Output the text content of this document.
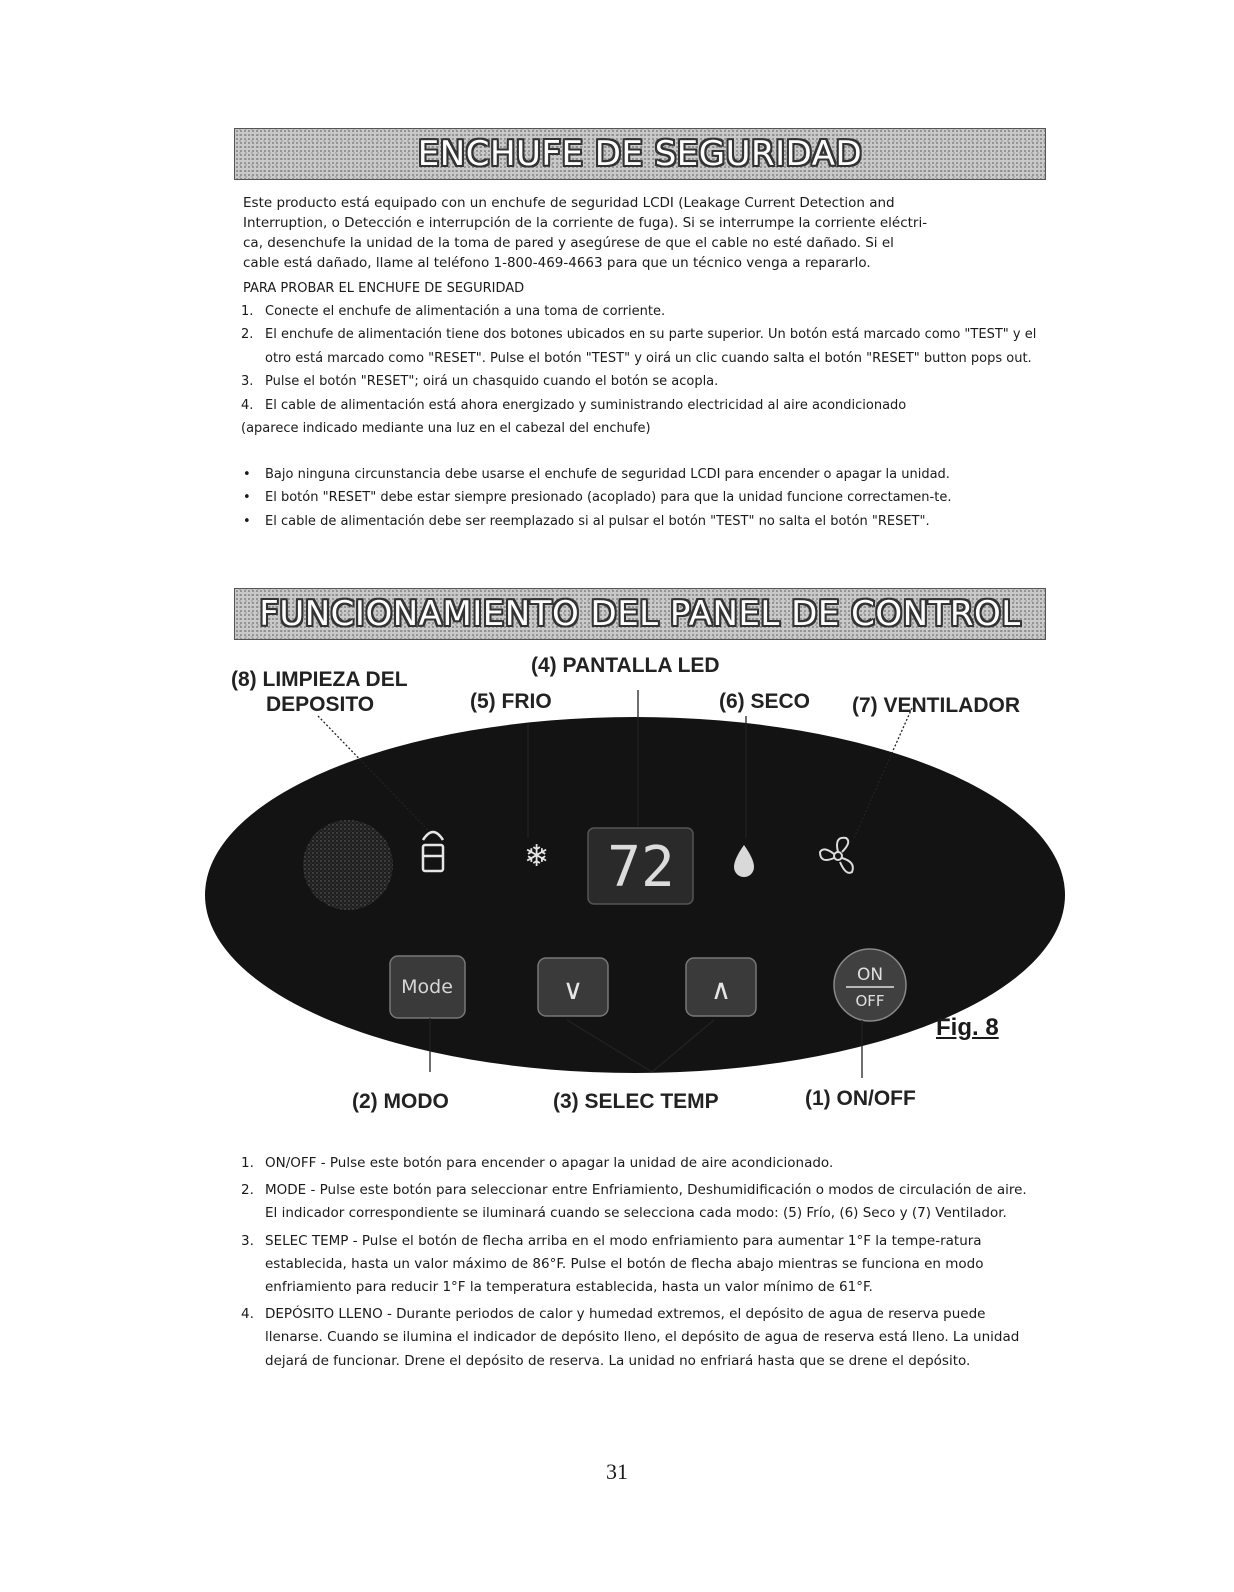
ENCHUFE DE SEGURIDAD
Este producto está equipado con un enchufe de seguridad LCDI (Leakage Current Detection and
Interruption, o Detección e interrupción de la corriente de fuga). Si se interrumpe la corriente eléctri-
ca, desenchufe la unidad de la toma de pared y asegúrese de que el cable no esté dañado. Si el
cable está dañado, llame al teléfono 1-800-469-4663 para que un técnico venga a repararlo.
PARA PROBAR EL ENCHUFE DE SEGURIDAD
1. Conecte el enchufe de alimentación a una toma de corriente.
2. El enchufe de alimentación tiene dos botones ubicados en su parte superior. Un botón está marcado como "TEST" y el otro está marcado como "RESET". Pulse el botón "TEST" y oirá un clic cuando salta el botón "RESET" button pops out.
3. Pulse el botón "RESET"; oirá un chasquido cuando el botón se acopla.
4. El cable de alimentación está ahora energizado y suministrando electricidad al aire acondicionado
(aparece indicado mediante una luz en el cabezal del enchufe)
• Bajo ninguna circunstancia debe usarse el enchufe de seguridad LCDI para encender o apagar la unidad.
• El botón "RESET" debe estar siempre presionado (acoplado) para que la unidad funcione correctamen-te.
• El cable de alimentación debe ser reemplazado si al pulsar el botón "TEST" no salta el botón "RESET".
FUNCIONAMIENTO DEL PANEL DE CONTROL
(8) LIMPIEZA DEL
DEPOSITO
(4) PANTALLA LED
(5) FRIO	(6) SECO (7) VENTILADOR
(2) MODO	(3) SELEC TEMP	(1) ON/OFF
❄ 72
Mode	∨	∧	ON
OFF
Fig. 8
1. ON/OFF - Pulse este botón para encender o apagar la unidad de aire acondicionado.
2. MODE - Pulse este botón para seleccionar entre Enfriamiento, Deshumidificación o modos de circulación de aire. El indicador correspondiente se iluminará cuando se selecciona cada modo: (5) Frío, (6) Seco y (7) Ventilador.
3. SELEC TEMP - Pulse el botón de flecha arriba en el modo enfriamiento para aumentar 1°F la tempe-ratura establecida, hasta un valor máximo de 86°F. Pulse el botón de flecha abajo mientras se funciona en modo enfriamiento para reducir 1°F la temperatura establecida, hasta un valor mínimo de 61°F.
4. DEPÓSITO LLENO - Durante periodos de calor y humedad extremos, el depósito de agua de reserva puede llenarse. Cuando se ilumina el indicador de depósito lleno, el depósito de agua de reserva está lleno. La unidad dejará de funcionar. Drene el depósito de reserva. La unidad no enfriará hasta que se drene el depósito.
31
